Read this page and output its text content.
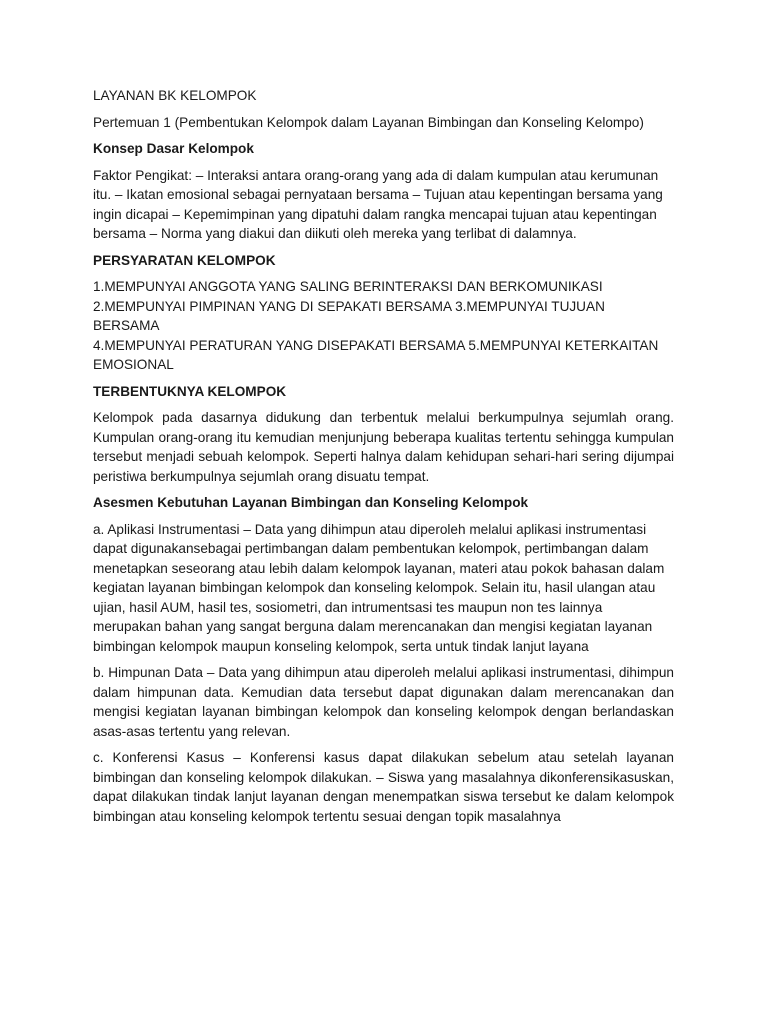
LAYANAN BK KELOMPOK

Pertemuan 1 (Pembentukan Kelompok dalam Layanan Bimbingan dan Konseling Kelompo)

Konsep Dasar Kelompok

Faktor Pengikat: – Interaksi antara orang-orang yang ada di dalam kumpulan atau kerumunan itu. – Ikatan emosional sebagai pernyataan bersama – Tujuan atau kepentingan bersama yang ingin dicapai – Kepemimpinan yang dipatuhi dalam rangka mencapai tujuan atau kepentingan bersama – Norma yang diakui dan diikuti oleh mereka yang terlibat di dalamnya.

PERSYARATAN KELOMPOK

1.MEMPUNYAI ANGGOTA YANG SALING BERINTERAKSI DAN BERKOMUNIKASI
2.MEMPUNYAI PIMPINAN YANG DI SEPAKATI BERSAMA 3.MEMPUNYAI TUJUAN BERSAMA
4.MEMPUNYAI PERATURAN YANG DISEPAKATI BERSAMA 5.MEMPUNYAI KETERKAITAN
EMOSIONAL

TERBENTUKNYA KELOMPOK

Kelompok pada dasarnya didukung dan terbentuk melalui berkumpulnya sejumlah orang. Kumpulan orang-orang itu kemudian menjunjung beberapa kualitas tertentu sehingga kumpulan tersebut menjadi sebuah kelompok. Seperti halnya dalam kehidupan sehari-hari sering dijumpai peristiwa berkumpulnya sejumlah orang disuatu tempat.

Asesmen Kebutuhan Layanan Bimbingan dan Konseling Kelompok

a. Aplikasi Instrumentasi – Data yang dihimpun atau diperoleh melalui aplikasi instrumentasi dapat digunakansebagai pertimbangan dalam pembentukan kelompok, pertimbangan dalam menetapkan seseorang atau lebih dalam kelompok layanan, materi atau pokok bahasan dalam kegiatan layanan bimbingan kelompok dan konseling kelompok. Selain itu, hasil ulangan atau ujian, hasil AUM, hasil tes, sosiometri, dan intrumentsasi tes maupun non tes lainnya merupakan bahan yang sangat berguna dalam merencanakan dan mengisi kegiatan layanan bimbingan kelompok maupun konseling kelompok, serta untuk tindak lanjut layana

b. Himpunan Data – Data yang dihimpun atau diperoleh melalui aplikasi instrumentasi, dihimpun dalam himpunan data. Kemudian data tersebut dapat digunakan dalam merencanakan dan mengisi kegiatan layanan bimbingan kelompok dan konseling kelompok dengan berlandaskan asas-asas tertentu yang relevan.

c. Konferensi Kasus – Konferensi kasus dapat dilakukan sebelum atau setelah layanan bimbingan dan konseling kelompok dilakukan. – Siswa yang masalahnya dikonferensikasuskan, dapat dilakukan tindak lanjut layanan dengan menempatkan siswa tersebut ke dalam kelompok bimbingan atau konseling kelompok tertentu sesuai dengan topik masalahnya
